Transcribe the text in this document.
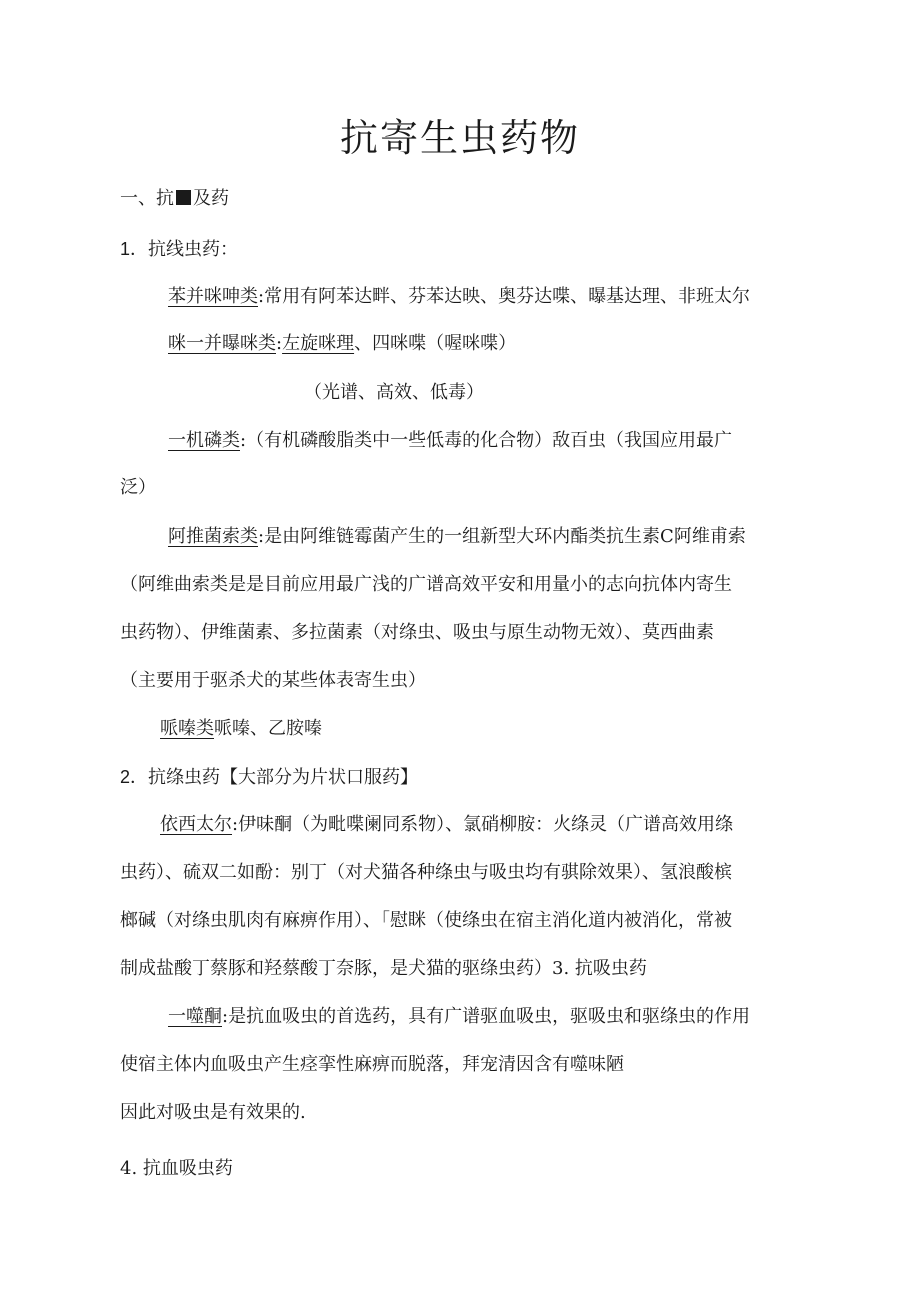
抗寄生虫药物
一、抗 及药
1．抗线虫药：
苯并咪呻类:常用有阿苯达畔、芬苯达映、奥芬达喋、曝基达理、非班太尔
咪一并曝咪类:左旋咪理、四咪喋（喔咪喋）
（光谱、高效、低毒）
一机磷类:（有机磷酸脂类中一些低毒的化合物）敌百虫（我国应用最广
泛）
阿推菌索类:是由阿维链霉菌产生的一组新型大环内酯类抗生素C阿维甫索
（阿维曲索类是是目前应用最广浅的广谱高效平安和用量小的志向抗体内寄生
虫药物）、伊维菌素、多拉菌素（对绦虫、吸虫与原生动物无效）、莫西曲素
（主要用于驱杀犬的某些体表寄生虫）
哌嗪类哌嗪、乙胺嗪
2．抗绦虫药【大部分为片状口服药】
依西太尔:伊味酮（为毗喋阑同系物）、氯硝柳胺：火绦灵（广谱高效用绦
虫药）、硫双二如酚：别丁（对犬猫各种绦虫与吸虫均有骐除效果）、氢浪酸槟
榔碱（对绦虫肌肉有麻痹作用）、「慰眯（使绦虫在宿主消化道内被消化，常被
制成盐酸丁蔡豚和羟蔡酸丁奈豚，是犬猫的驱绦虫药）3. 抗吸虫药
一噬酮:是抗血吸虫的首选药，具有广谱驱血吸虫，驱吸虫和驱绦虫的作用
使宿主体内血吸虫产生痉挛性麻痹而脱落，拜宠清因含有噬味陋
因此对吸虫是有效果的.
4. 抗血吸虫药
